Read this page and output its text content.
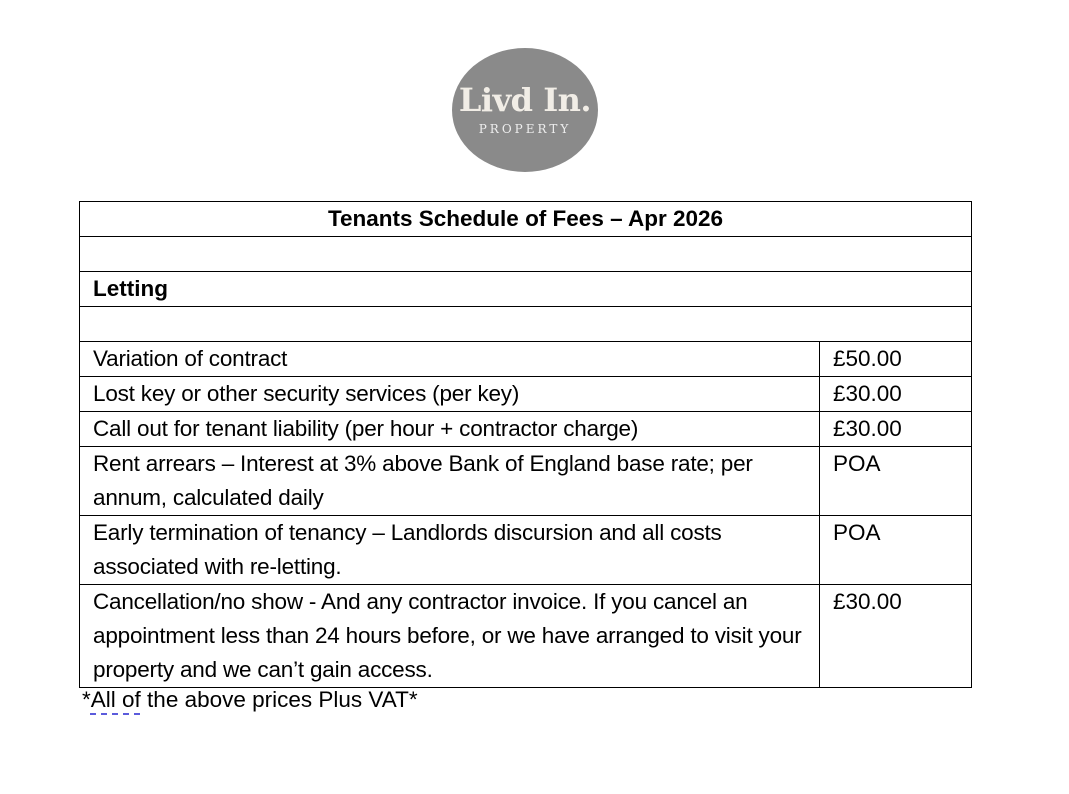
Livd In.
PROPERTY
Tenants Schedule of Fees – Apr 2026	

Letting	

Variation of contract	£50.00
Lost key or other security services (per key)	£30.00
Call out for tenant liability (per hour + contractor charge)	£30.00
Rent arrears – Interest at 3% above Bank of England base rate; per annum, calculated daily	POA
Early termination of tenancy – Landlords discursion and all costs associated with re-letting.	POA
Cancellation/no show - And any contractor invoice. If you cancel an appointment less than 24 hours before, or we have arranged to visit your property and we can’t gain access.	£30.00
*All of the above prices Plus VAT*
